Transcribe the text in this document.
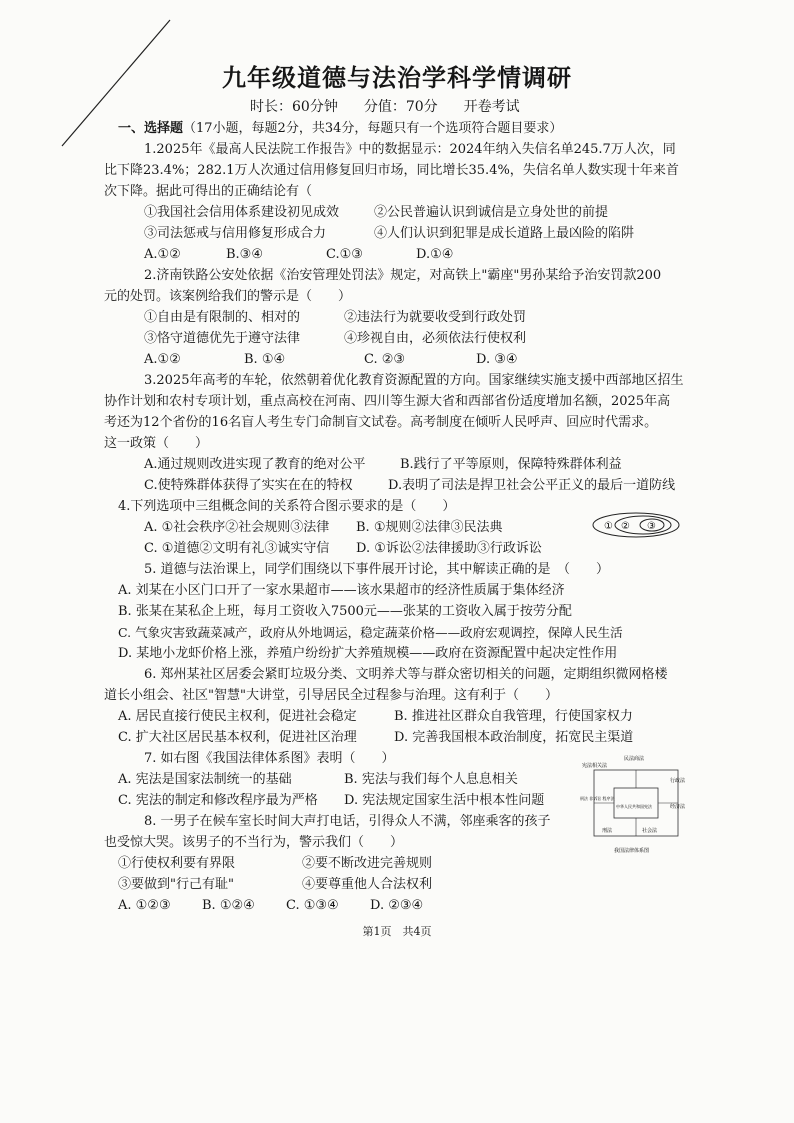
九年级道德与法治学科学情调研
时长：60分钟 分值：70分 开卷考试
一、选择题（17小题，每题2分，共34分，每题只有一个选项符合题目要求）
1.2025年《最高人民法院工作报告》中的数据显示：2024年纳入失信名单245.7万人次，同
比下降23.4%；282.1万人次通过信用修复回归市场，同比增长35.4%，失信名单人数实现十年来首
次下降。据此可得出的正确结论有（
①我国社会信用体系建设初见成效	②公民普遍认识到诚信是立身处世的前提
③司法惩戒与信用修复形成合力	④人们认识到犯罪是成长道路上最凶险的陷阱
A.①②	B.③④	C.①③	D.①④
2.济南铁路公安处依据《治安管理处罚法》规定，对高铁上"霸座"男孙某给予治安罚款200
元的处罚。该案例给我们的警示是（　　）
①自由是有限制的、相对的	②违法行为就要收受到行政处罚
③恪守道德优先于遵守法律	④珍视自由，必须依法行使权利
A.①②	B. ①④	C. ②③	D. ③④
3.2025年高考的车轮，依然朝着优化教育资源配置的方向。国家继续实施支援中西部地区招生
协作计划和农村专项计划，重点高校在河南、四川等生源大省和西部省份适度增加名额，2025年高
考还为12个省份的16名盲人考生专门命制盲文试卷。高考制度在倾听人民呼声、回应时代需求。
这一政策（　　）
A.通过规则改进实现了教育的绝对公平	B.践行了平等原则，保障特殊群体利益
C.使特殊群体获得了实实在在的特权	D.表明了司法是捍卫社会公平正义的最后一道防线
4.下列选项中三组概念间的关系符合图示要求的是（　　）
A. ①社会秩序②社会规则③法律	B. ①规则②法律③民法典
C. ①道德②文明有礼③诚实守信	D. ①诉讼②法律援助③行政诉讼
5. 道德与法治课上，同学们围绕以下事件展开讨论，其中解读正确的是　（　　）
A. 刘某在小区门口开了一家水果超市——该水果超市的经济性质属于集体经济
B. 张某在某私企上班，每月工资收入7500元——张某的工资收入属于按劳分配
C. 气象灾害致蔬菜减产，政府从外地调运，稳定蔬菜价格——政府宏观调控，保障人民生活
D. 某地小龙虾价格上涨，养殖户纷纷扩大养殖规模——政府在资源配置中起决定性作用
6. 郑州某社区居委会紧盯垃圾分类、文明养犬等与群众密切相关的问题，定期组织微网格楼
道长小组会、社区"智慧"大讲堂，引导居民全过程参与治理。这有利于（　　）
A. 居民直接行使民主权利，促进社会稳定	B. 推进社区群众自我管理，行使国家权力
C. 扩大社区居民基本权利，促进社区治理	D. 完善我国根本政治制度，拓宽民主渠道
7. 如右图《我国法律体系图》表明（　　）
A. 宪法是国家法制统一的基础	B. 宪法与我们每个人息息相关
C. 宪法的制定和修改程序最为严格	D. 宪法规定国家生活中根本性问题
8. 一男子在候车室长时间大声打电话，引得众人不满，邻座乘客的孩子
也受惊大哭。该男子的不当行为，警示我们（　　）
①行使权利要有界限	②要不断改进完善规则
③要做到"行己有耻"	④要尊重他人合法权利
A. ①②③	B. ①②④	C. ①③④	D. ②③④
① ② ③
民法商法
宪法相关法
行政法
刑法 非诉讼 程序法
中华人民共和国宪法	经济法
刑法	社会法
我国法律体系图
第1页　共4页
